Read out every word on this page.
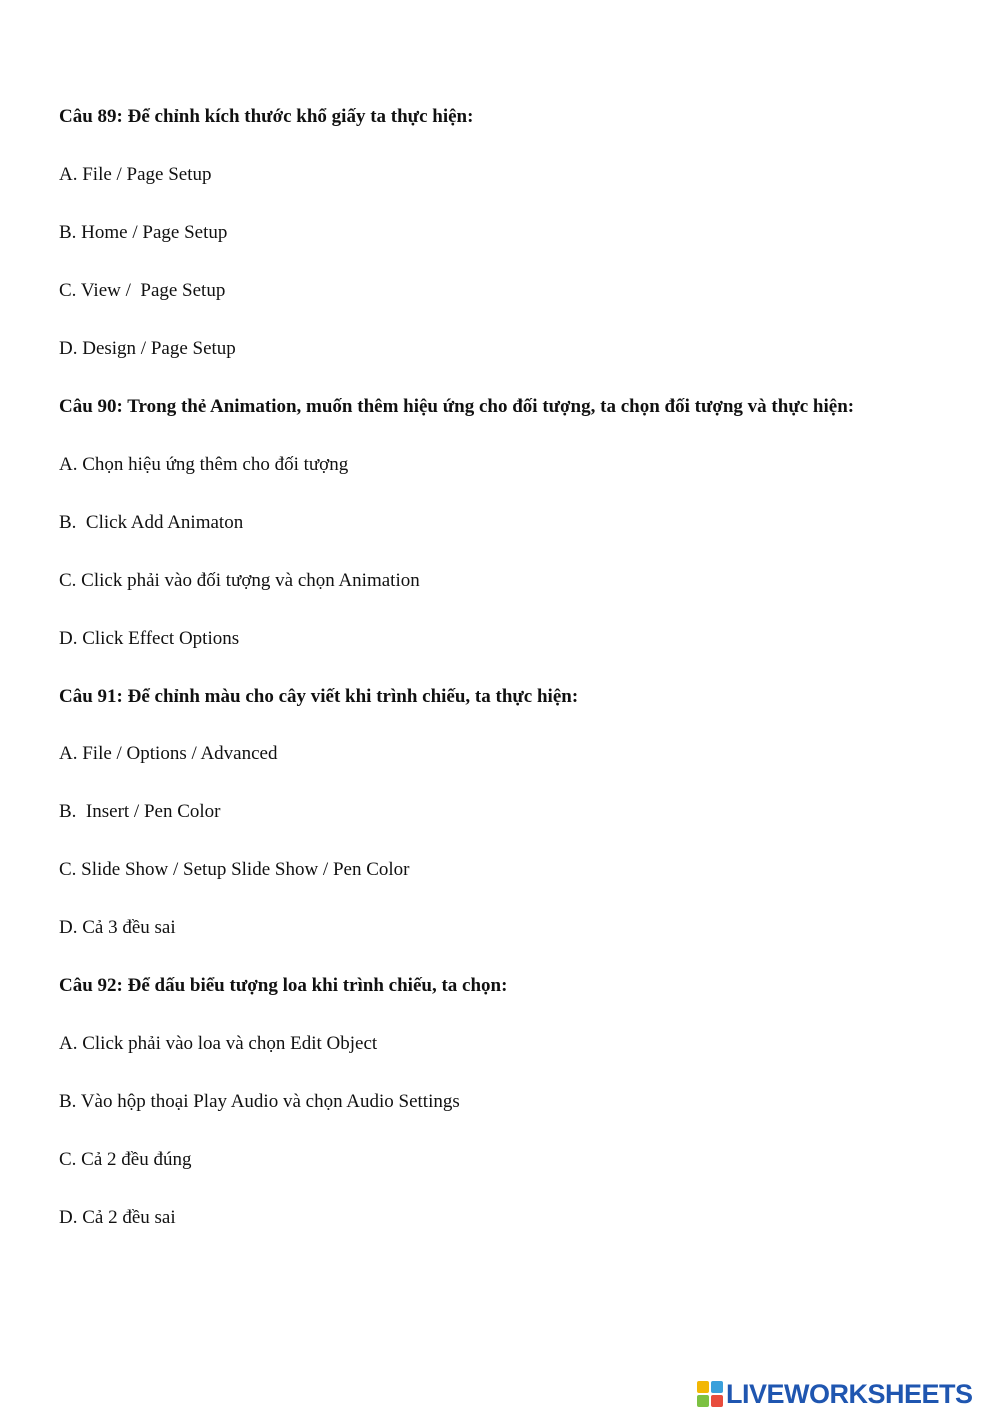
Câu 89: Để chỉnh kích thước khổ giấy ta thực hiện:
A. File / Page Setup
B. Home / Page Setup
C. View /  Page Setup
D. Design / Page Setup
Câu 90: Trong thẻ Animation, muốn thêm hiệu ứng cho đối tượng, ta chọn đối tượng và thực hiện:
A. Chọn hiệu ứng thêm cho đối tượng
B.  Click Add Animaton
C. Click phải vào đối tượng và chọn Animation
D. Click Effect Options
Câu 91: Để chỉnh màu cho cây viết khi trình chiếu, ta thực hiện:
A. File / Options / Advanced
B.  Insert / Pen Color
C. Slide Show / Setup Slide Show / Pen Color
D. Cả 3 đều sai
Câu 92: Để dấu biểu tượng loa khi trình chiếu, ta chọn:
A. Click phải vào loa và chọn Edit Object
B. Vào hộp thoại Play Audio và chọn Audio Settings
C. Cả 2 đều đúng
D. Cả 2 đều sai
LIVEWORKSHEETS
